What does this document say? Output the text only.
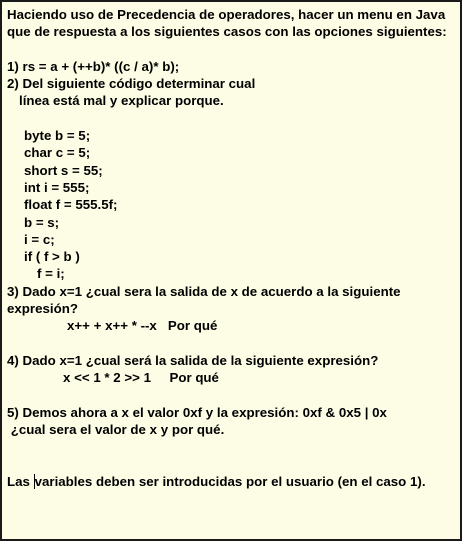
Haciendo uso de Precedencia de operadores, hacer un menu en Java que de respuesta a los siguientes casos con las opciones siguientes:
1) rs = a + (++b)* ((c / a)* b);
2) Del siguiente código determinar cual
línea está mal y explicar porque.
byte b = 5;
char c = 5;
short s = 55;
int i = 555;
float f = 555.5f;
b = s;
i = c;
if ( f > b )
f = i;
3) Dado x=1 ¿cual sera la salida de x de acuerdo a la siguiente expresión?
x++ + x++ * --x   Por qué
4) Dado x=1 ¿cual será la salida de la siguiente expresión?
x << 1 * 2 >> 1     Por qué
5) Demos ahora a x el valor 0xf y la expresión: 0xf & 0x5 | 0x
¿cual sera el valor de x y por qué.
Las variables deben ser introducidas por el usuario (en el caso 1).
